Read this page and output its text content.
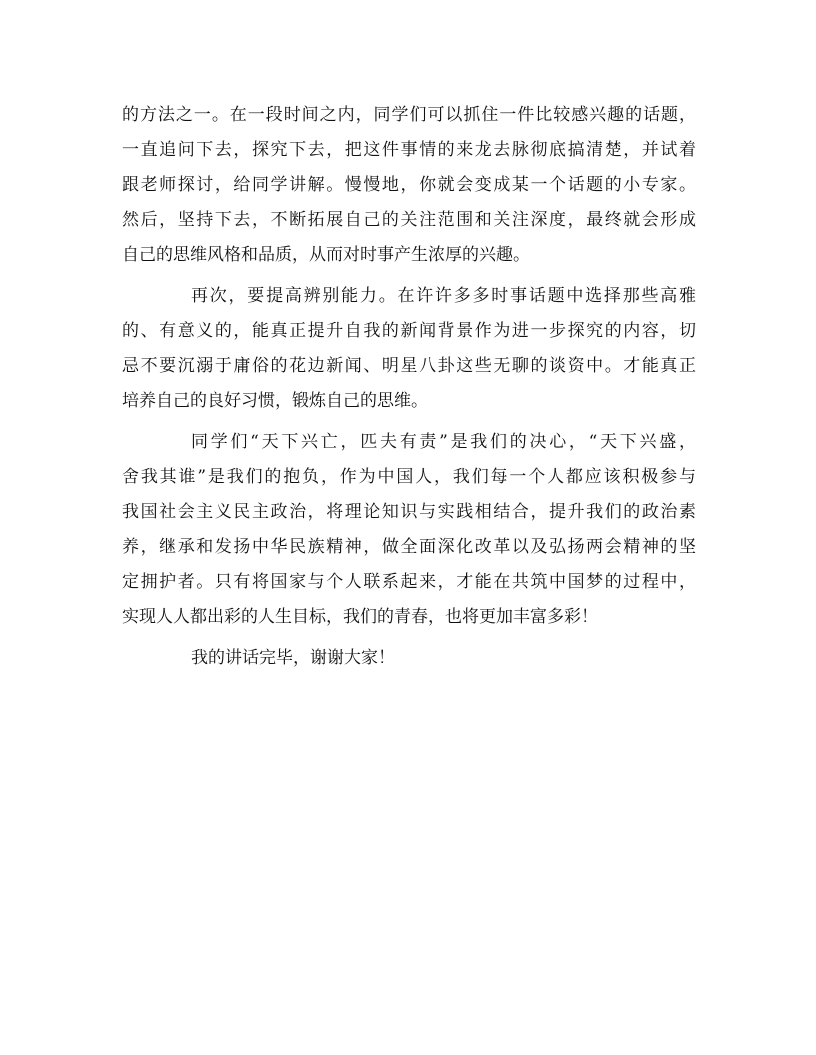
的方法之一。在一段时间之内，同学们可以抓住一件比较感兴趣的话题，
一直追问下去，探究下去，把这件事情的来龙去脉彻底搞清楚，并试着
跟老师探讨，给同学讲解。慢慢地，你就会变成某一个话题的小专家。
然后，坚持下去，不断拓展自己的关注范围和关注深度，最终就会形成
自己的思维风格和品质，从而对时事产生浓厚的兴趣。
再次，要提高辨别能力。在许许多多时事话题中选择那些高雅
的、有意义的，能真正提升自我的新闻背景作为进一步探究的内容，切
忌不要沉溺于庸俗的花边新闻、明星八卦这些无聊的谈资中。才能真正
培养自己的良好习惯，锻炼自己的思维。
同学们“天下兴亡，匹夫有责”是我们的决心，“天下兴盛，
舍我其谁”是我们的抱负，作为中国人，我们每一个人都应该积极参与
我国社会主义民主政治，将理论知识与实践相结合，提升我们的政治素
养，继承和发扬中华民族精神，做全面深化改革以及弘扬两会精神的坚
定拥护者。只有将国家与个人联系起来，才能在共筑中国梦的过程中，
实现人人都出彩的人生目标，我们的青春，也将更加丰富多彩！
我的讲话完毕，谢谢大家！
